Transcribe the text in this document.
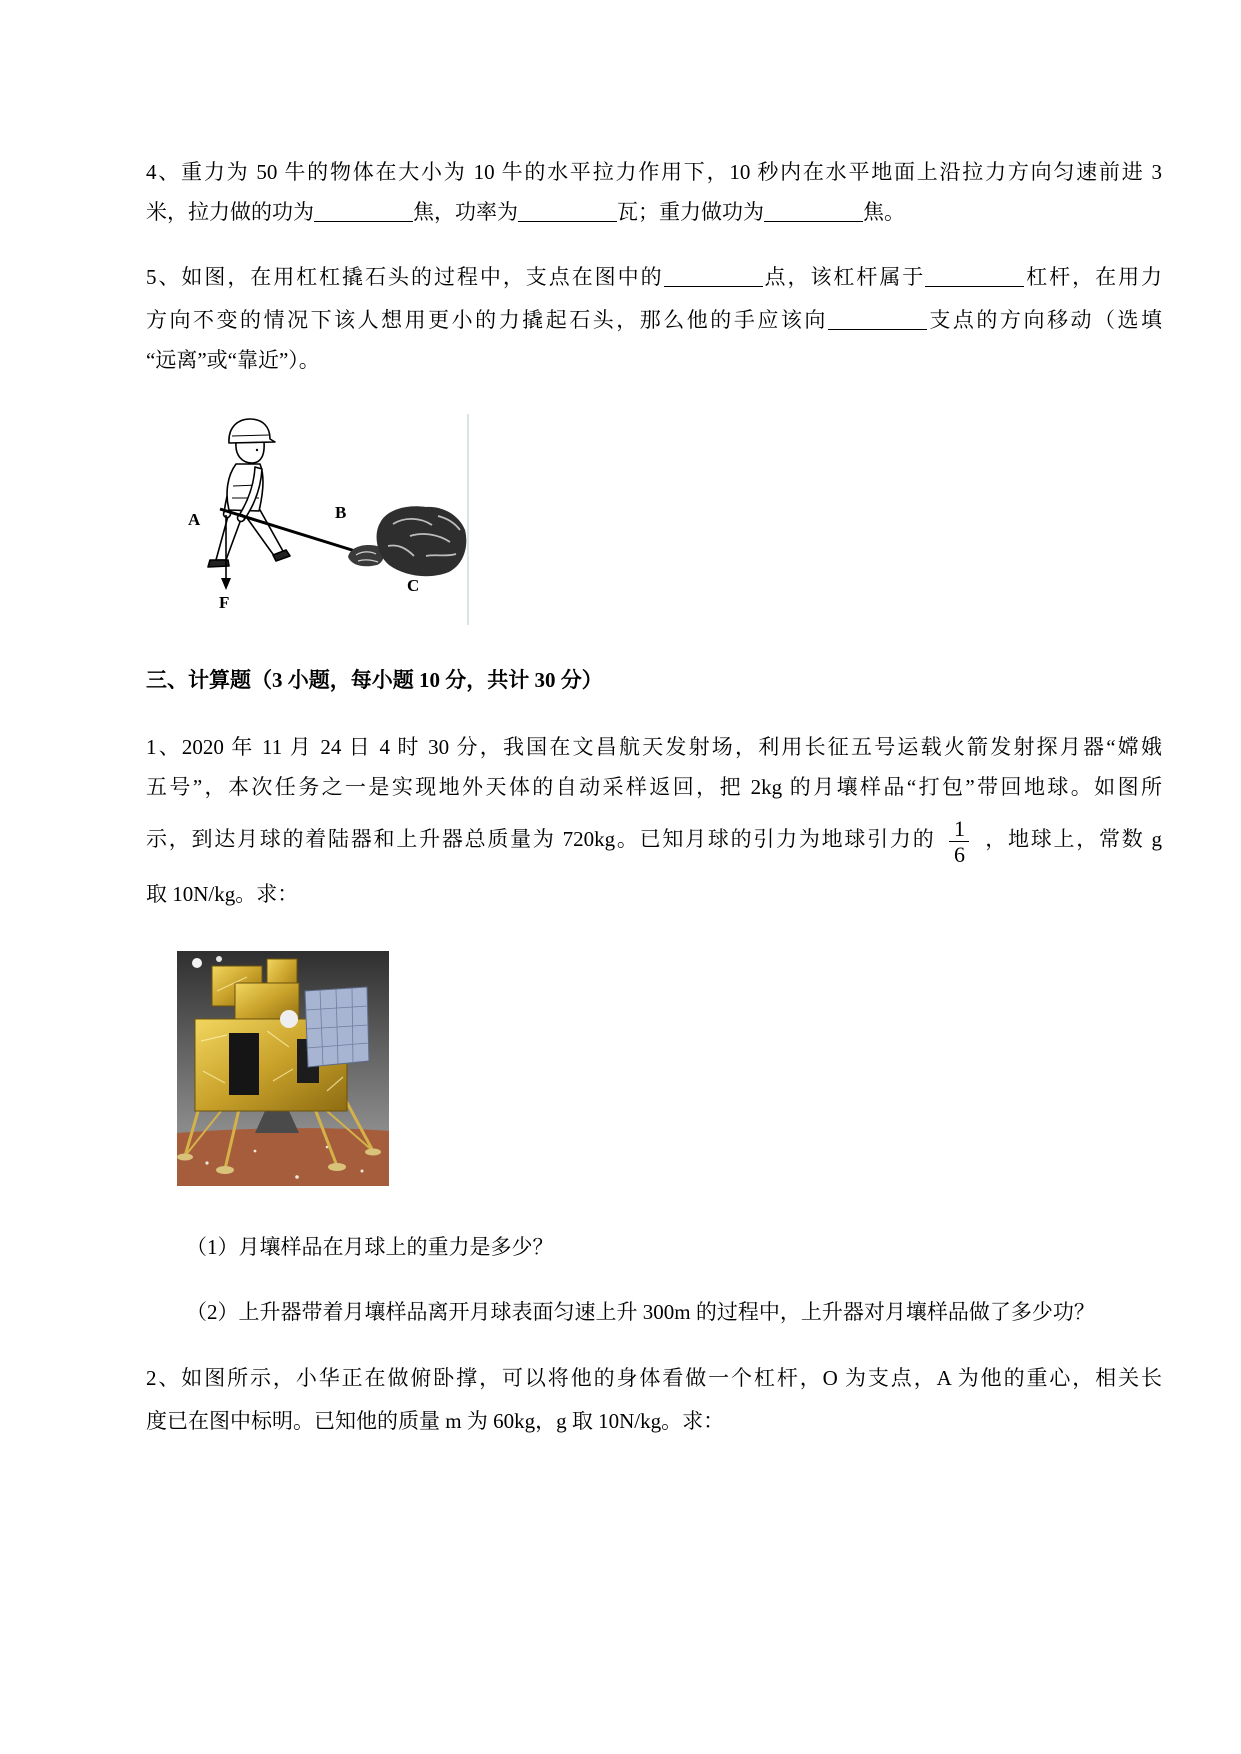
4、重力为 50 牛的物体在大小为 10 牛的水平拉力作用下，10 秒内在水平地面上沿拉力方向匀速前进 3
米，拉力做的功为	焦，功率为	瓦；重力做功为	焦。
5、如图，在用杠杠撬石头的过程中，支点在图中的	点，该杠杆属于	杠杆，在用力
方向不变的情况下该人想用更小的力撬起石头，那么他的手应该向	支点的方向移动（选填
“远离”或“靠近”）。
A	B
C
F
三、计算题（3 小题，每小题 10 分，共计 30 分）
1、2020 年 11 月 24 日 4 时 30 分，我国在文昌航天发射场，利用长征五号运载火箭发射探月器“嫦娥
五号”，本次任务之一是实现地外天体的自动采样返回，把 2kg 的月壤样品“打包”带回地球。如图所
示，到达月球的着陆器和上升器总质量为 720kg。已知月球的引力为地球引力的 $\frac{1}{6}$ ，地球上，常数 g
取 10N/kg。求：
（1）月壤样品在月球上的重力是多少？
（2）上升器带着月壤样品离开月球表面匀速上升 300m 的过程中，上升器对月壤样品做了多少功？
2、如图所示，小华正在做俯卧撑，可以将他的身体看做一个杠杆，O 为支点，A 为他的重心，相关长
度已在图中标明。已知他的质量 m 为 60kg，g 取 10N/kg。求：
